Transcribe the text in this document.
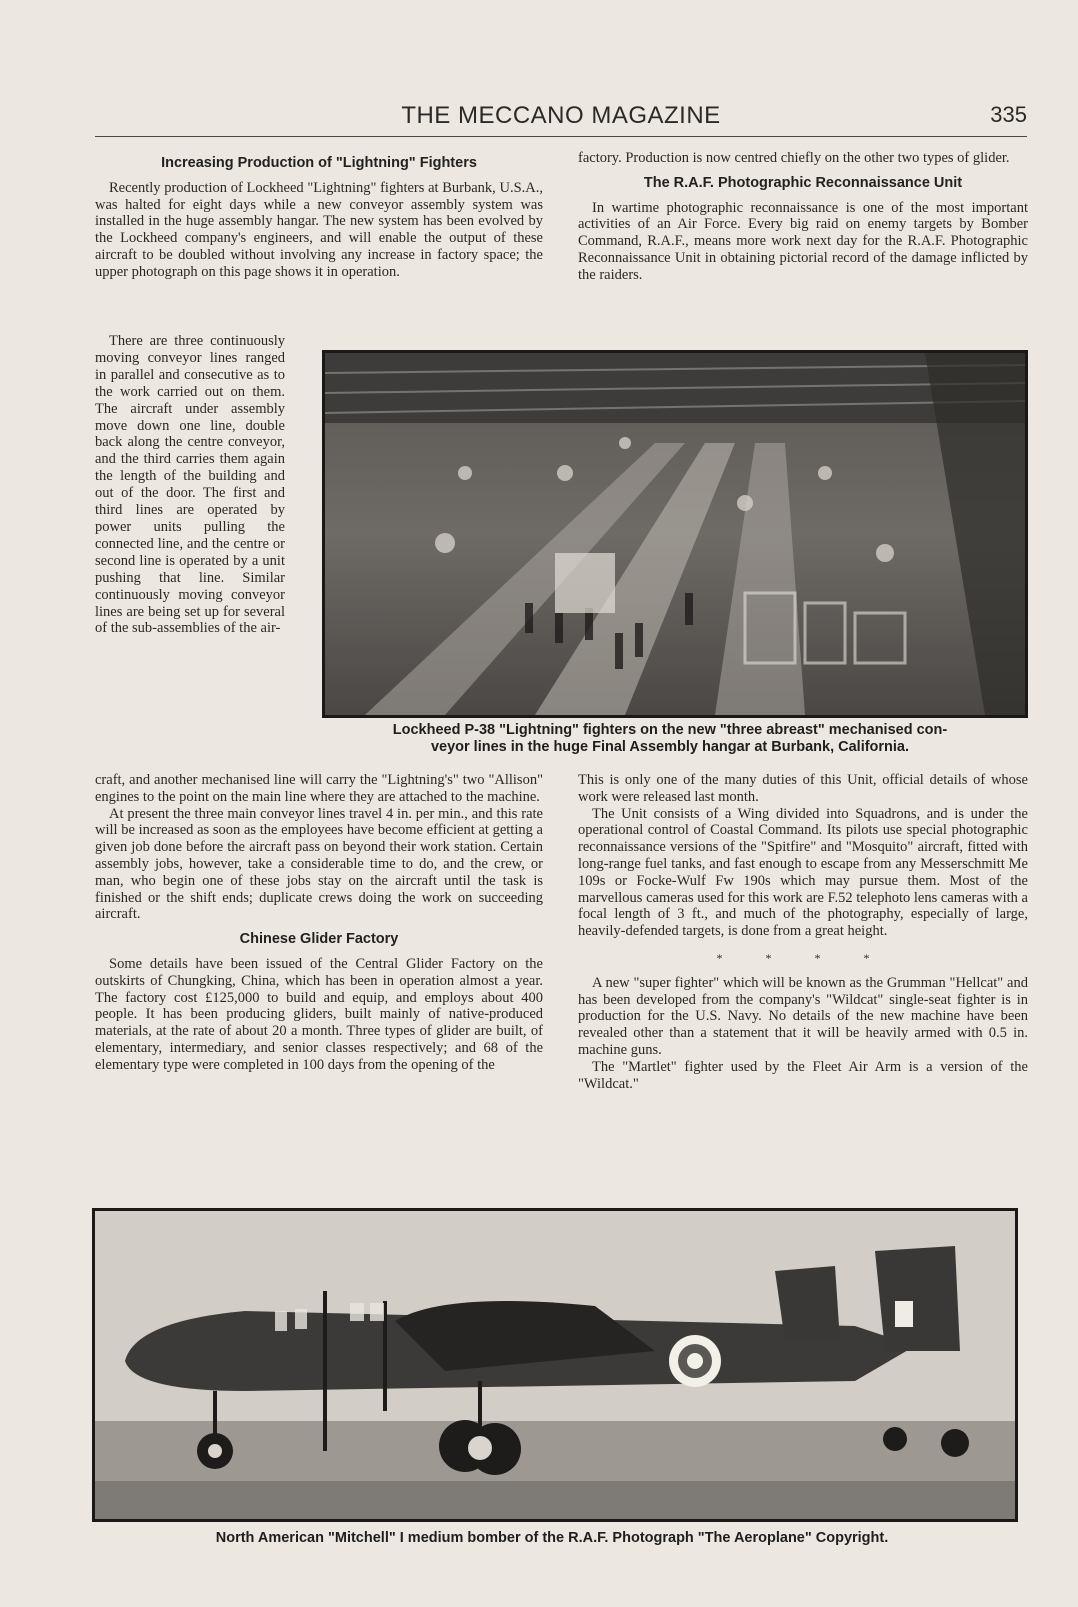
THE MECCANO MAGAZINE	335
Increasing Production of "Lightning" Fighters

Recently production of Lockheed "Lightning" fighters at Burbank, U.S.A., was halted for eight days while a new conveyor assembly system was installed in the huge assembly hangar. The new system has been evolved by the Lockheed company's engineers, and will enable the output of these aircraft to be doubled without involving any increase in factory space; the upper photograph on this page shows it in operation.

There are three continuously moving conveyor lines ranged in parallel and consecutive as to the work carried out on them. The aircraft under assembly move down one line, double back along the centre conveyor, and the third carries them again the length of the building and out of the door. The first and third lines are operated by power units pulling the connected line, and the centre or second line is operated by a unit pushing that line. Similar continuously moving conveyor lines are being set up for several of the sub-assemblies of the air-

factory. Production is now centred chiefly on the other two types of glider.

The R.A.F. Photographic Reconnaissance Unit

In wartime photographic reconnaissance is one of the most important activities of an Air Force. Every big raid on enemy targets by Bomber Command, R.A.F., means more work next day for the R.A.F. Photographic Reconnaissance Unit in obtaining pictorial record of the damage inflicted by the raiders.

Lockheed P-38 "Lightning" fighters on the new "three abreast" mechanised con-
veyor lines in the huge Final Assembly hangar at Burbank, California.

craft, and another mechanised line will carry the "Lightning's" two "Allison" engines to the point on the main line where they are attached to the machine.

At present the three main conveyor lines travel 4 in. per min., and this rate will be increased as soon as the employees have become efficient at getting a given job done before the aircraft pass on beyond their work station. Certain assembly jobs, however, take a considerable time to do, and the crew, or man, who begin one of these jobs stay on the aircraft until the task is finished or the shift ends; duplicate crews doing the work on succeeding aircraft.

Chinese Glider Factory

Some details have been issued of the Central Glider Factory on the outskirts of Chungking, China, which has been in operation almost a year. The factory cost £125,000 to build and equip, and employs about 400 people. It has been producing gliders, built mainly of native-produced materials, at the rate of about 20 a month. Three types of glider are built, of elementary, intermediary, and senior classes respectively; and 68 of the elementary type were completed in 100 days from the opening of the

This is only one of the many duties of this Unit, official details of whose work were released last month.

The Unit consists of a Wing divided into Squadrons, and is under the operational control of Coastal Command. Its pilots use special photographic reconnaissance versions of the "Spitfire" and "Mosquito" aircraft, fitted with long-range fuel tanks, and fast enough to escape from any Messerschmitt Me 109s or Focke-Wulf Fw 190s which may pursue them. Most of the marvellous cameras used for this work are F.52 telephoto lens cameras with a focal length of 3 ft., and much of the photography, especially of large, heavily-defended targets, is done from a great height.

* * * *

A new "super fighter" which will be known as the Grumman "Hellcat" and has been developed from the company's "Wildcat" single-seat fighter is in production for the U.S. Navy. No details of the new machine have been revealed other than a statement that it will be heavily armed with 0.5 in. machine guns.

The "Martlet" fighter used by the Fleet Air Arm is a version of the "Wildcat."

North American "Mitchell" I medium bomber of the R.A.F. Photograph "The Aeroplane" Copyright.
